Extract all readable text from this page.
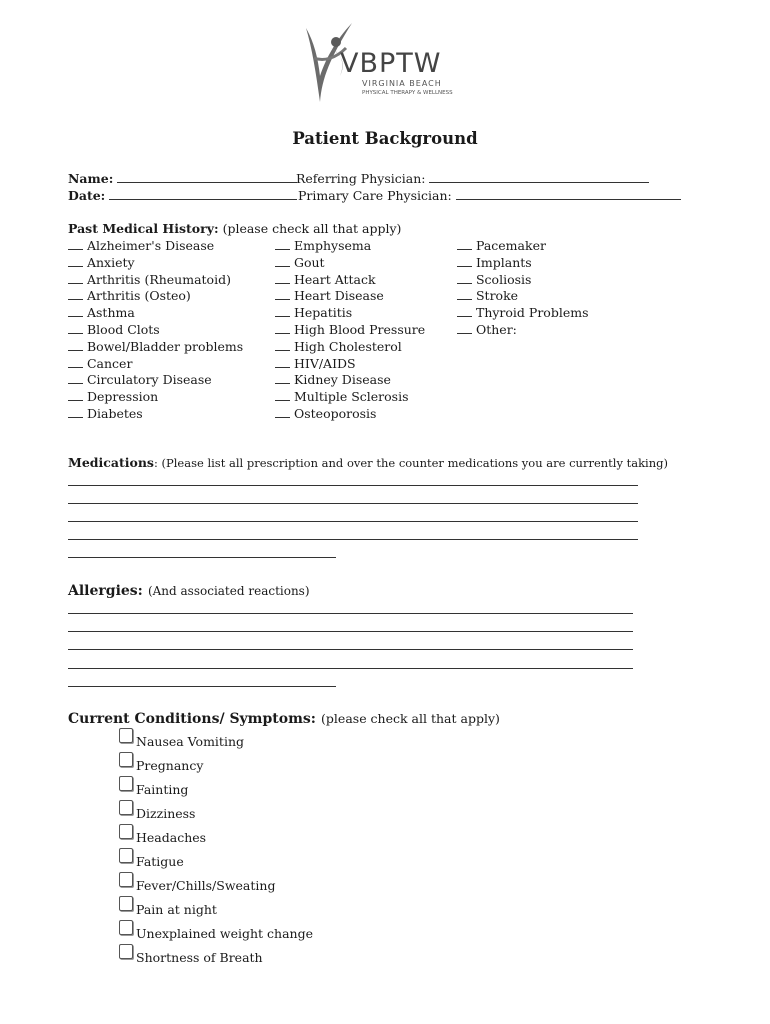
VBPTW
VIRGINIA BEACH
PHYSICAL THERAPY & WELLNESS
Patient Background
Name:	Referring Physician:
Date:	Primary Care Physician:
Past Medical History: (please check all that apply)
Alzheimer's Disease
Anxiety
Arthritis (Rheumatoid)
Arthritis (Osteo)
Asthma
Blood Clots
Bowel/Bladder problems
Cancer
Circulatory Disease
Depression
Diabetes
Emphysema
Gout
Heart Attack
Heart Disease
Hepatitis
High Blood Pressure
High Cholesterol
HIV/AIDS
Kidney Disease
Multiple Sclerosis
Osteoporosis
Pacemaker
Implants
Scoliosis
Stroke
Thyroid Problems
Other:
Medications: (Please list all prescription and over the counter medications you are currently taking)
Allergies: (And associated reactions)
Current Conditions/ Symptoms: (please check all that apply)
Nausea Vomiting
Pregnancy
Fainting
Dizziness
Headaches
Fatigue
Fever/Chills/Sweating
Pain at night
Unexplained weight change
Shortness of Breath
